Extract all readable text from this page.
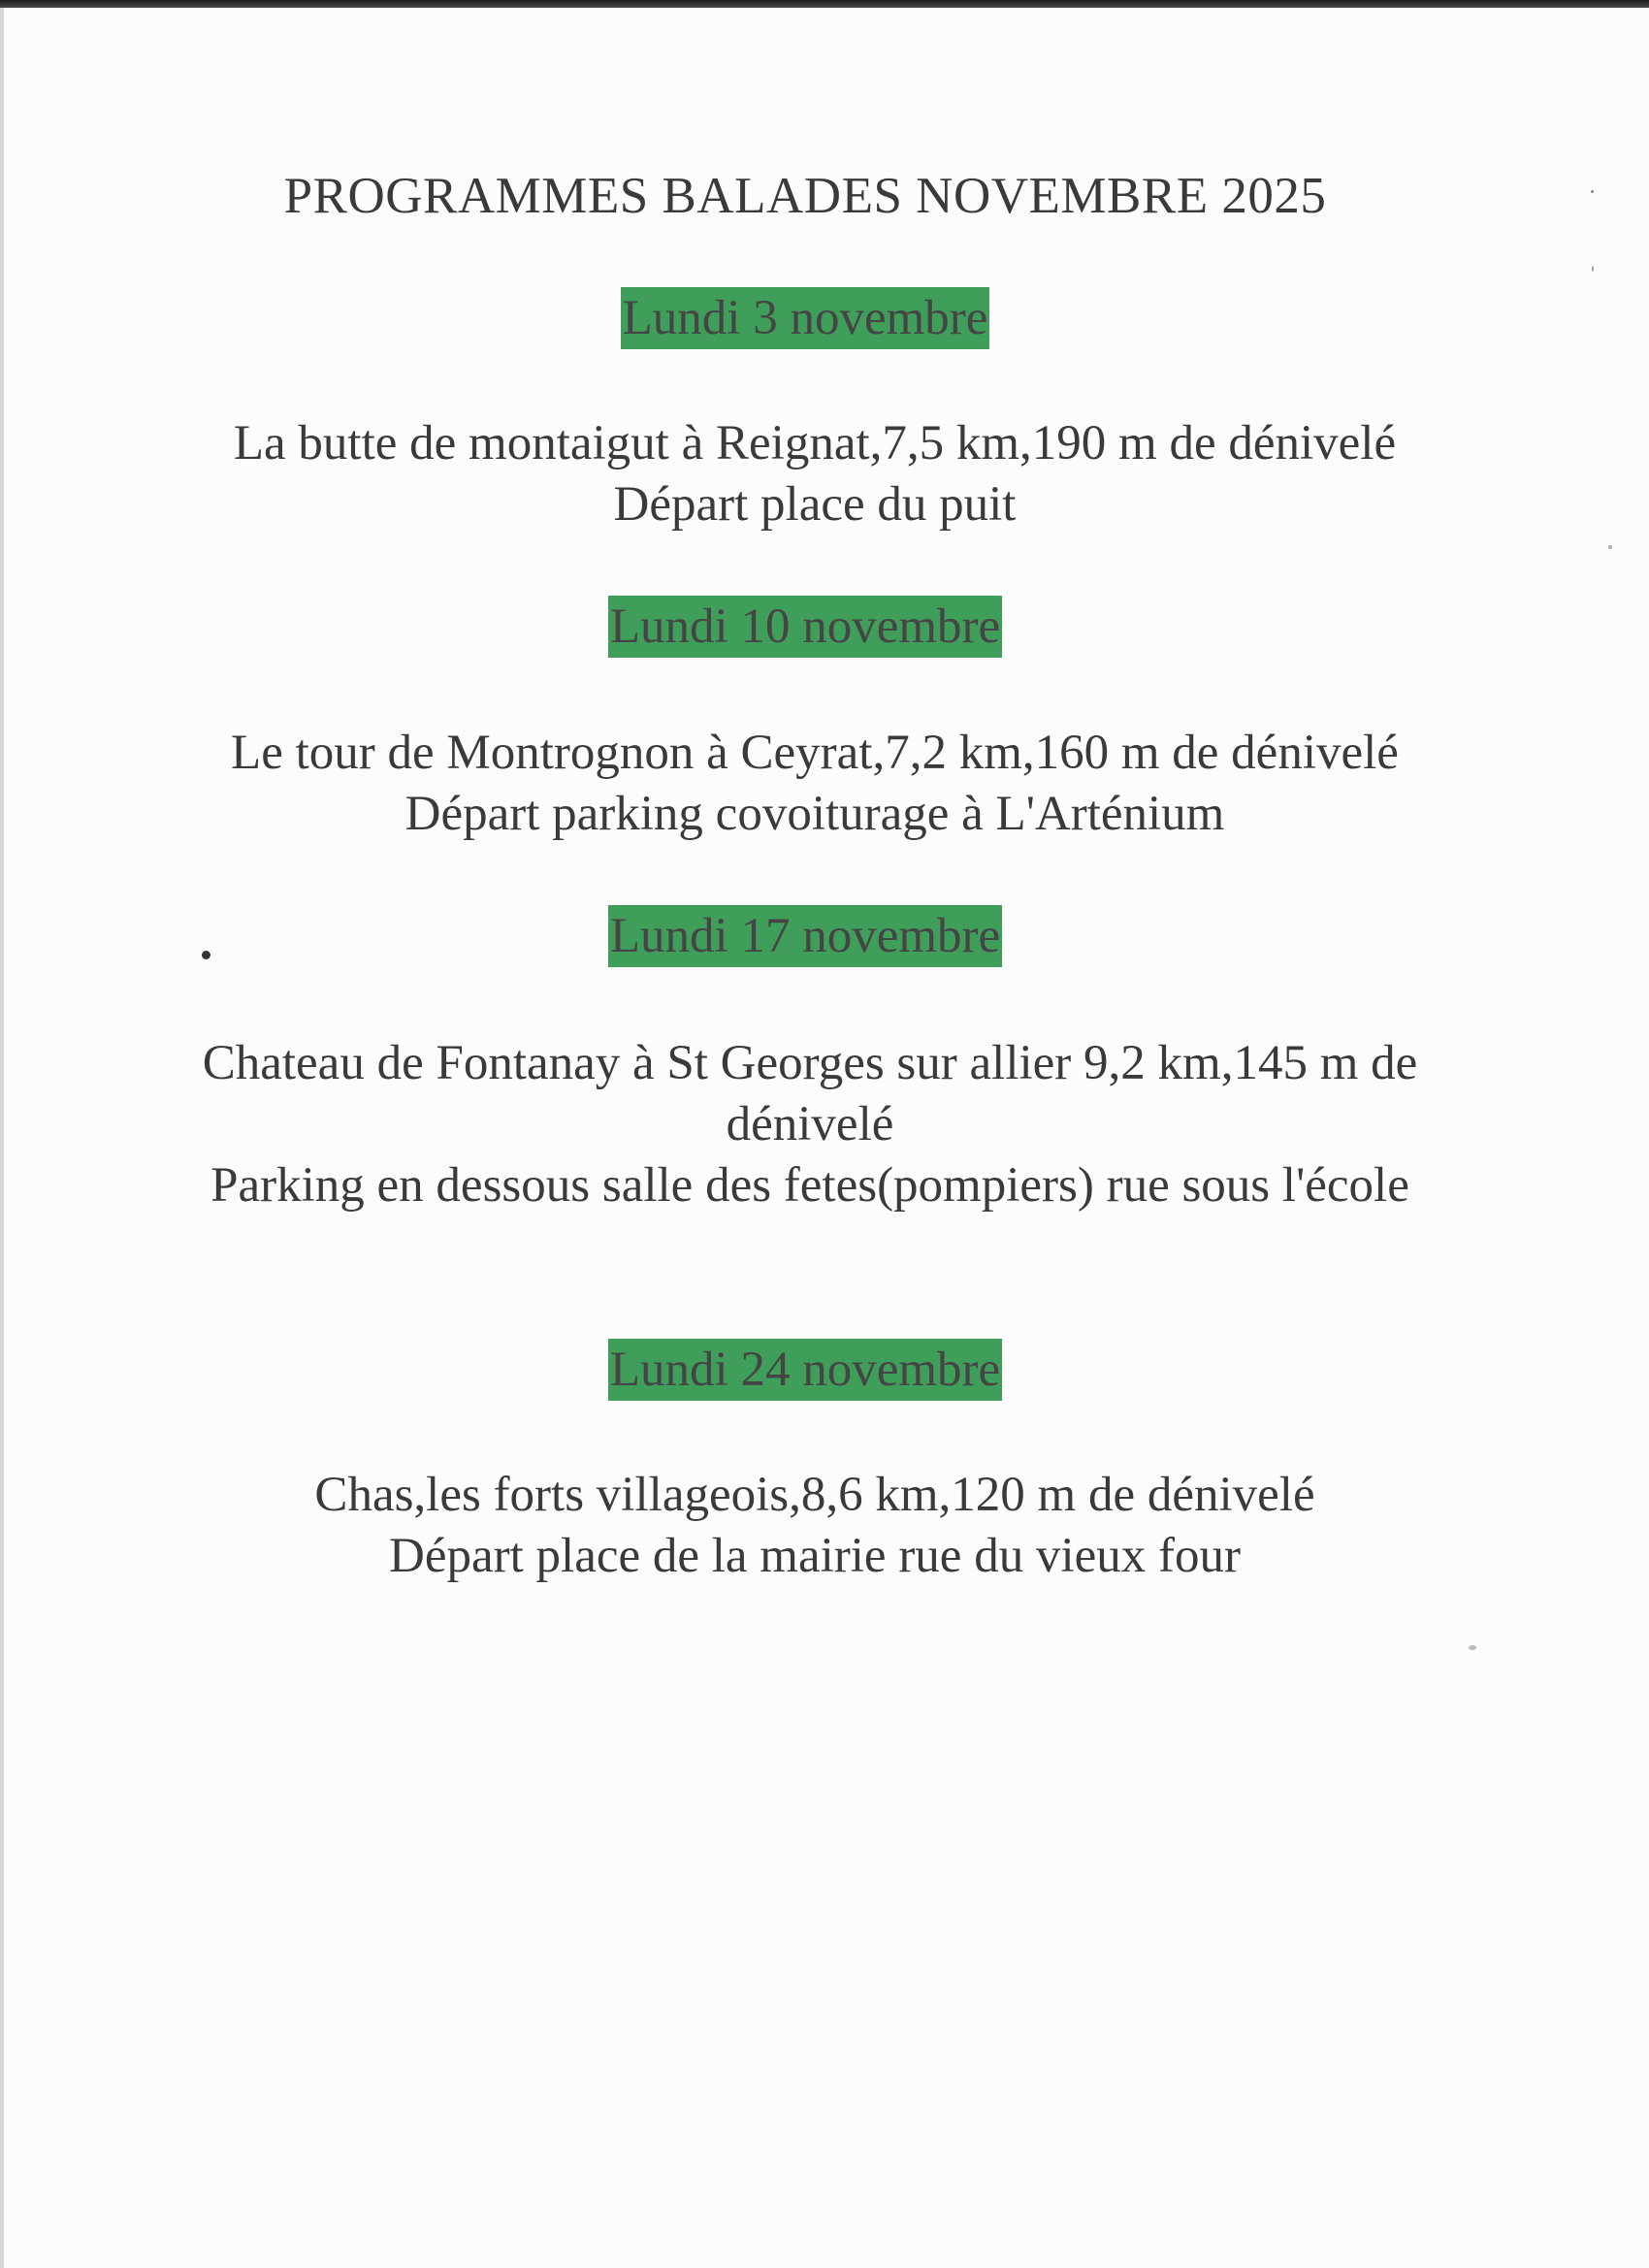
PROGRAMMES BALADES NOVEMBRE 2025
Lundi 3 novembre
La butte de montaigut à Reignat,7,5 km,190 m de dénivelé
Départ place du puit
Lundi 10 novembre
Le tour de Montrognon à Ceyrat,7,2 km,160 m de dénivelé
Départ parking covoiturage à L'Arténium
Lundi 17 novembre
Chateau de Fontanay à St Georges sur allier 9,2 km,145 m de dénivelé
Parking en dessous salle des fetes(pompiers) rue sous l'école
Lundi 24 novembre
Chas,les forts villageois,8,6 km,120 m de dénivelé
Départ place de la mairie rue du vieux four
